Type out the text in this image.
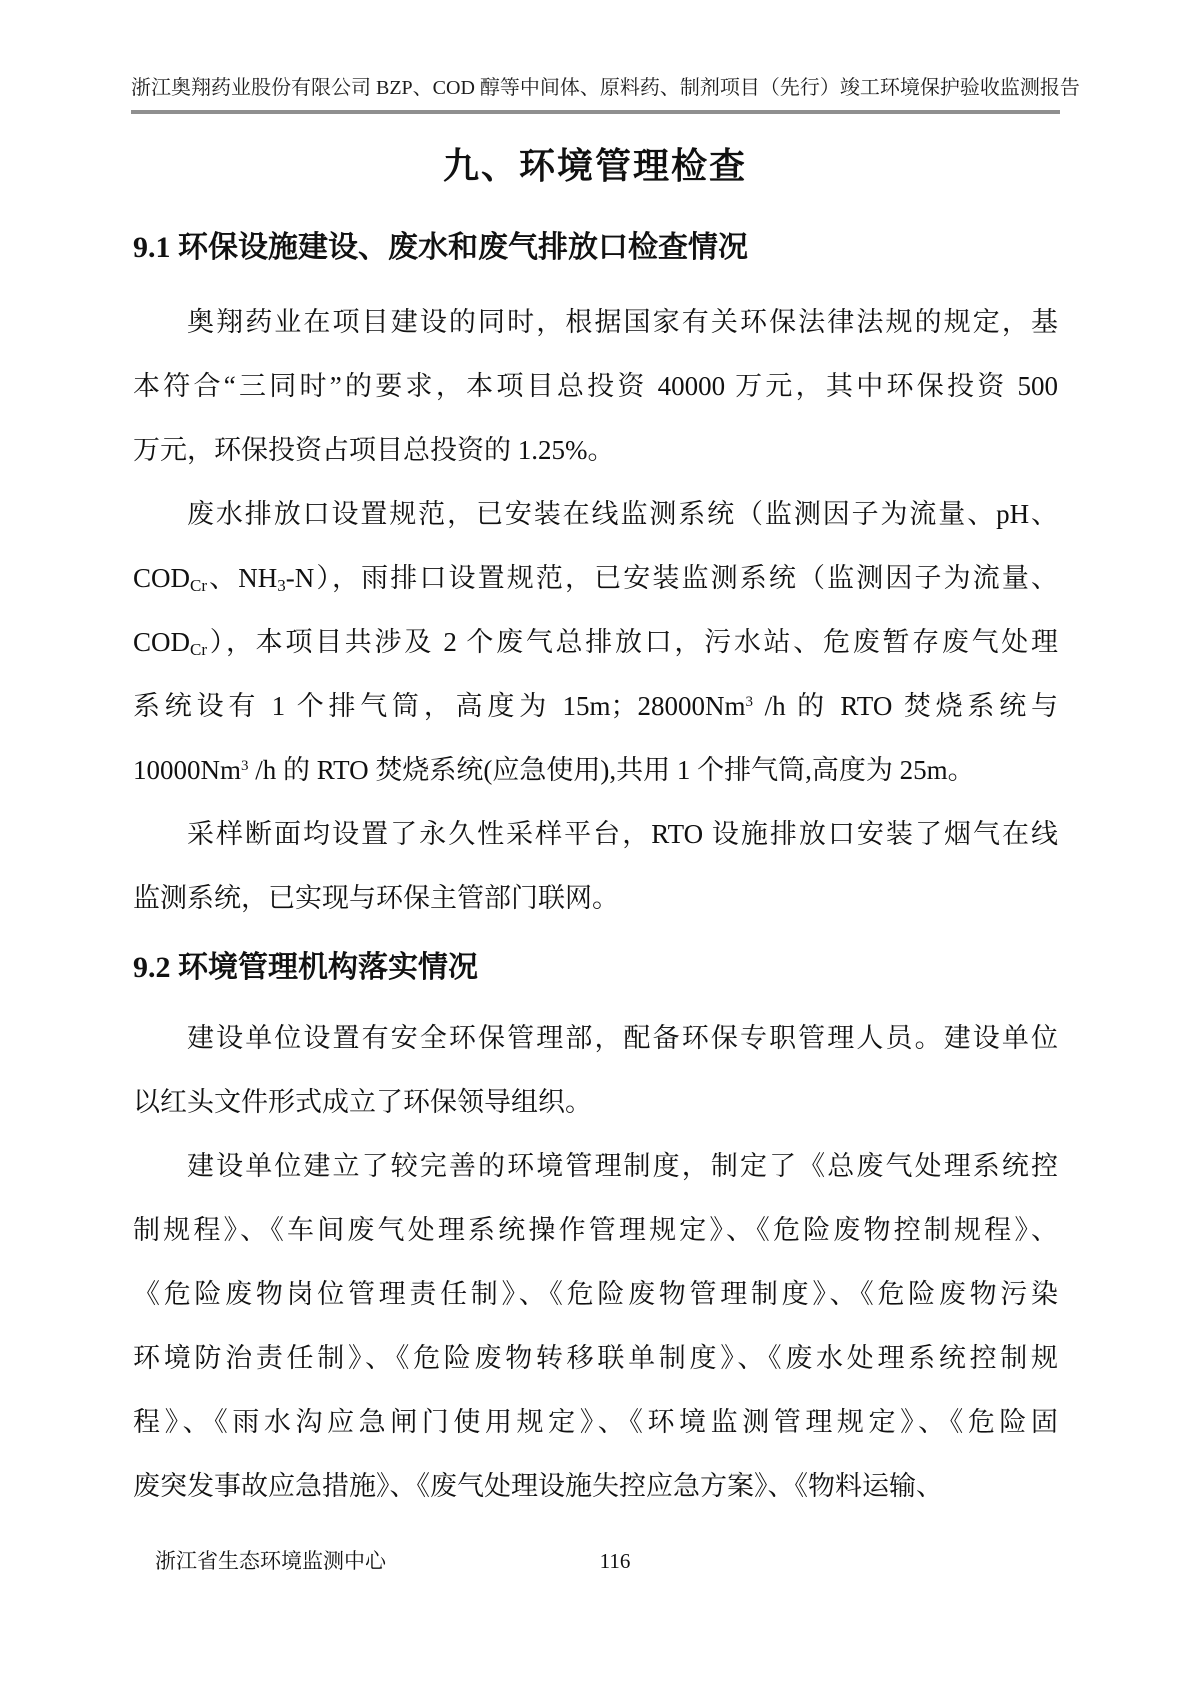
浙江奥翔药业股份有限公司 BZP、COD 醇等中间体、原料药、制剂项目（先行）竣工环境保护验收监测报告
九、环境管理检查
9.1 环保设施建设、废水和废气排放口检查情况
奥翔药业在项目建设的同时，根据国家有关环保法律法规的规定，基
本符合“三同时”的要求，本项目总投资 40000 万元，其中环保投资 500
万元，环保投资占项目总投资的 1.25%。
废水排放口设置规范，已安装在线监测系统（监测因子为流量、pH、
$COD_{Cr}$、$NH_3-N$），雨排口设置规范，已安装监测系统（监测因子为流量、
$COD_{Cr}$），本项目共涉及 2 个废气总排放口，污水站、危废暂存废气处理
系统设有 1 个排气筒，高度为 15m；28000Nm$^3$ /h 的 RTO 焚烧系统与
10000Nm$^3$ /h 的 RTO 焚烧系统(应急使用),共用 1 个排气筒,高度为 25m。
采样断面均设置了永久性采样平台，RTO 设施排放口安装了烟气在线
监测系统，已实现与环保主管部门联网。
9.2 环境管理机构落实情况
建设单位设置有安全环保管理部，配备环保专职管理人员。建设单位
以红头文件形式成立了环保领导组织。
建设单位建立了较完善的环境管理制度，制定了《总废气处理系统控
制规程》、《车间废气处理系统操作管理规定》、《危险废物控制规程》、
《危险废物岗位管理责任制》、《危险废物管理制度》、《危险废物污染
环境防治责任制》、《危险废物转移联单制度》、《废水处理系统控制规
程》、《雨水沟应急闸门使用规定》、《环境监测管理规定》、《危险固
废突发事故应急措施》、《废气处理设施失控应急方案》、《物料运输、
浙江省生态环境监测中心	116
